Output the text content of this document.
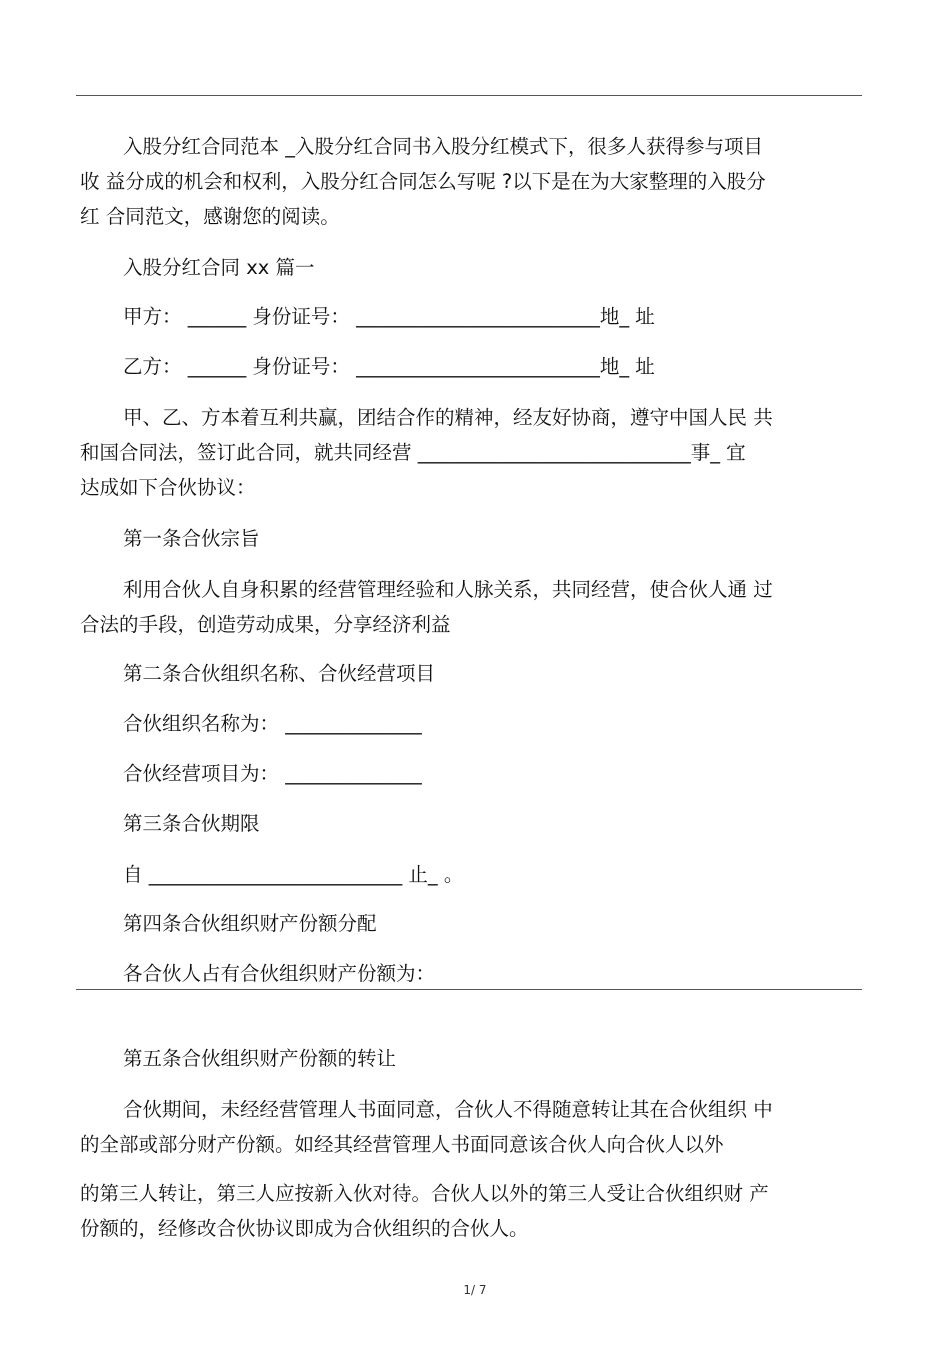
入股分红合同范本 _入股分红合同书入股分红模式下，很多人获得参与项目
收 益分成的机会和权利，入股分红合同怎么写呢 ?以下是在为大家整理的入股分
红 合同范文，感谢您的阅读。
入股分红合同 xx 篇一
甲方： ______ 身份证号： _________________________地_ 址
乙方： ______ 身份证号： _________________________地_ 址
甲、乙、方本着互利共赢，团结合作的精神，经友好协商，遵守中国人民 共
和国合同法，签订此合同，就共同经营 ____________________________事_ 宜
达成如下合伙协议：
第一条合伙宗旨
利用合伙人自身积累的经营管理经验和人脉关系，共同经营，使合伙人通 过
合法的手段，创造劳动成果，分享经济利益
第二条合伙组织名称、合伙经营项目
合伙组织名称为： ______________
合伙经营项目为： ______________
第三条合伙期限
自 __________________________ 止_ 。
第四条合伙组织财产份额分配
各合伙人占有合伙组织财产份额为：
第五条合伙组织财产份额的转让
合伙期间，未经经营管理人书面同意，合伙人不得随意转让其在合伙组织 中
的全部或部分财产份额。如经其经营管理人书面同意该合伙人向合伙人以外
的第三人转让，第三人应按新入伙对待。合伙人以外的第三人受让合伙组织财 产
份额的，经修改合伙协议即成为合伙组织的合伙人。
1/ 7
